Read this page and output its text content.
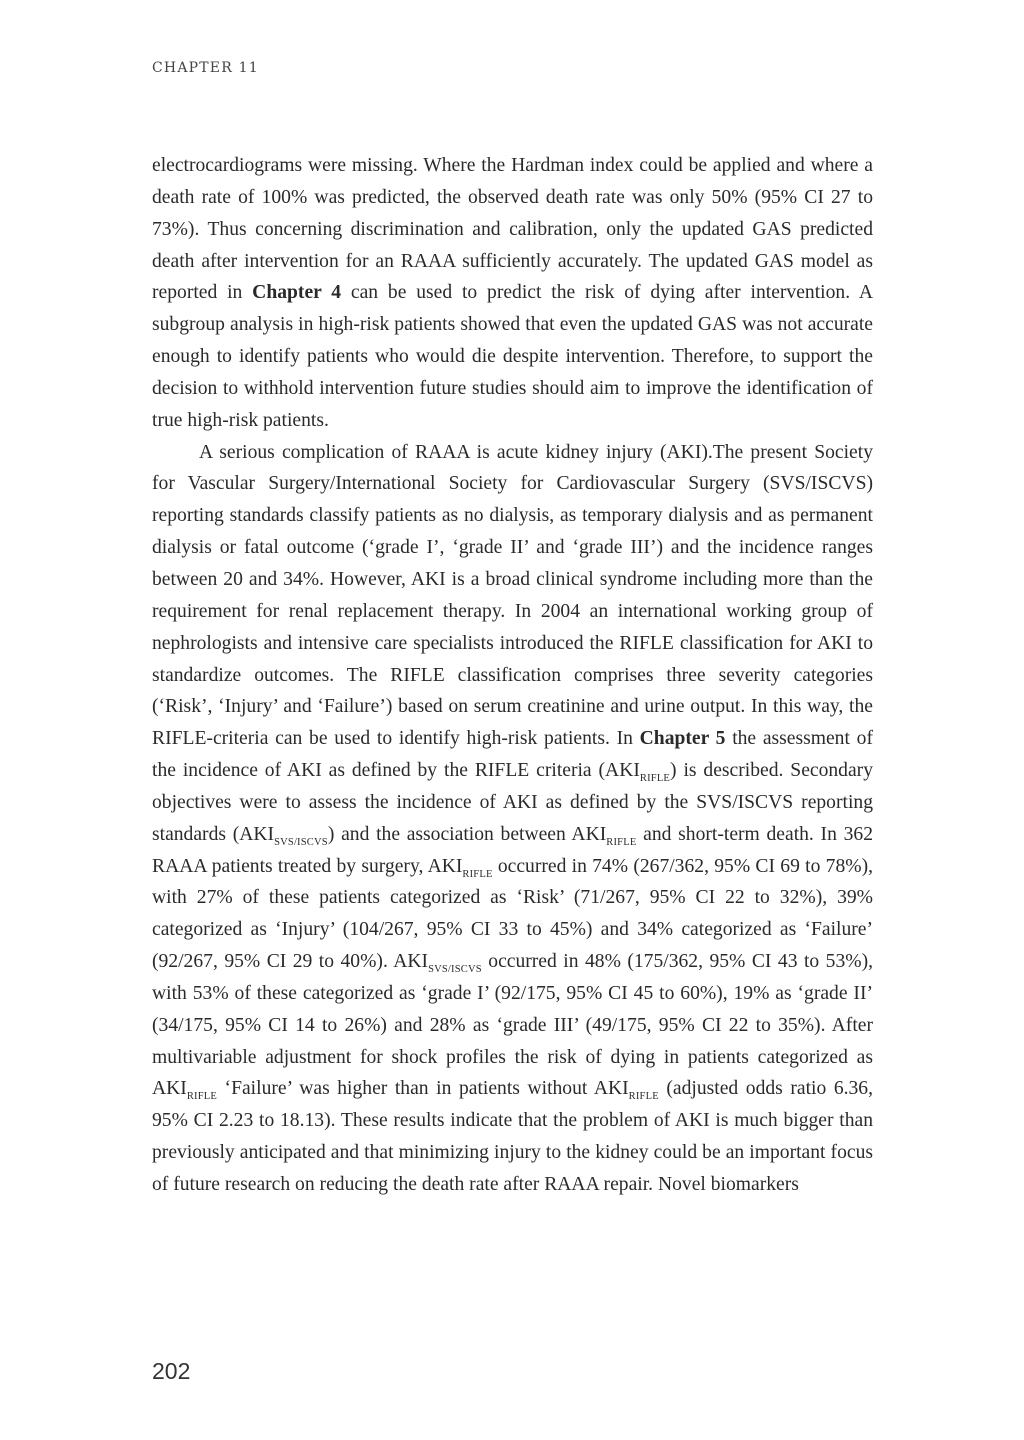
CHAPTER 11

electrocardiograms were missing. Where the Hardman index could be applied and where a death rate of 100% was predicted, the observed death rate was only 50% (95% CI 27 to 73%). Thus concerning discrimination and calibration, only the updated GAS predicted death after intervention for an RAAA sufficiently accurately. The updated GAS model as reported in Chapter 4 can be used to predict the risk of dying after intervention. A subgroup analysis in high-risk patients showed that even the updated GAS was not accurate enough to identify patients who would die despite intervention. Therefore, to support the decision to withhold intervention future studies should aim to improve the identification of true high-risk patients.

A serious complication of RAAA is acute kidney injury (AKI).The present Society for Vascular Surgery/International Society for Cardiovascular Surgery (SVS/ISCVS) reporting standards classify patients as no dialysis, as temporary dialysis and as permanent dialysis or fatal outcome (‘grade I’, ‘grade II’ and ‘grade III’) and the incidence ranges between 20 and 34%. However, AKI is a broad clinical syndrome including more than the requirement for renal replacement therapy. In 2004 an international working group of nephrologists and intensive care specialists introduced the RIFLE classification for AKI to standardize outcomes. The RIFLE classification comprises three severity categories (‘Risk’, ‘Injury’ and ‘Failure’) based on serum creatinine and urine output. In this way, the RIFLE-criteria can be used to identify high-risk patients. In Chapter 5 the assessment of the incidence of AKI as defined by the RIFLE criteria $(AKI_{RIFLE})$ is described. Secondary objectives were to assess the incidence of AKI as defined by the SVS/ISCVS reporting standards $(AKI_{SVS/ISCVS})$ and the association between $AKI_{RIFLE}$ and short-term death. In 362 RAAA patients treated by surgery, $AKI_{RIFLE}$ occurred in 74% (267/362, 95% CI 69 to 78%), with 27% of these patients categorized as ‘Risk’ (71/267, 95% CI 22 to 32%), 39% categorized as ‘Injury’ (104/267, 95% CI 33 to 45%) and 34% categorized as ‘Failure’ (92/267, 95% CI 29 to 40%). $AKI_{SVS/ISCVS}$ occurred in 48% (175/362, 95% CI 43 to 53%), with 53% of these categorized as ‘grade I’ (92/175, 95% CI 45 to 60%), 19% as ‘grade II’ (34/175, 95% CI 14 to 26%) and 28% as ‘grade III’ (49/175, 95% CI 22 to 35%). After multivariable adjustment for shock profiles the risk of dying in patients categorized as $AKI_{RIFLE}$ ‘Failure’ was higher than in patients without $AKI_{RIFLE}$ (adjusted odds ratio 6.36, 95% CI 2.23 to 18.13). These results indicate that the problem of AKI is much bigger than previously anticipated and that minimizing injury to the kidney could be an important focus of future research on reducing the death rate after RAAA repair. Novel biomarkers

202
